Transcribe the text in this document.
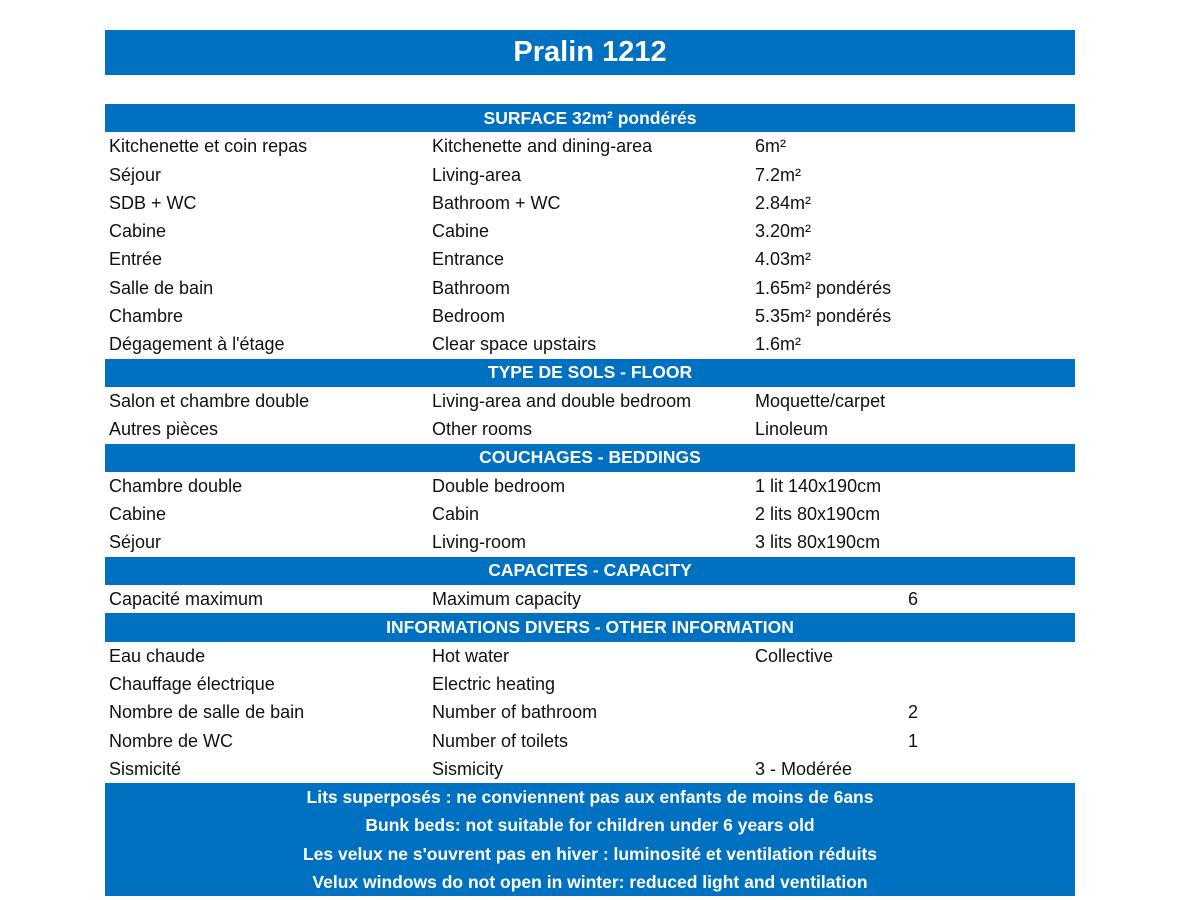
Pralin 1212
SURFACE 32m² pondérés
Kitchenette et coin repas	Kitchenette and dining-area	6m²
Séjour	Living-area	7.2m²
SDB + WC	Bathroom + WC	2.84m²
Cabine	Cabine	3.20m²
Entrée	Entrance	4.03m²
Salle de bain	Bathroom	1.65m² pondérés
Chambre	Bedroom	5.35m² pondérés
Dégagement à l'étage	Clear space upstairs	1.6m²
TYPE DE SOLS - FLOOR
Salon et chambre double	Living-area and double bedroom	Moquette/carpet
Autres pièces	Other rooms	Linoleum
COUCHAGES - BEDDINGS
Chambre double	Double bedroom	1 lit 140x190cm
Cabine	Cabin	2 lits 80x190cm
Séjour	Living-room	3 lits 80x190cm
CAPACITES - CAPACITY
Capacité maximum	Maximum capacity	6
INFORMATIONS DIVERS - OTHER INFORMATION
Eau chaude	Hot water	Collective
Chauffage électrique	Electric heating
Nombre de salle de bain	Number of bathroom	2
Nombre de WC	Number of toilets	1
Sismicité	Sismicity	3 - Modérée
Lits superposés : ne conviennent pas aux enfants de moins de 6ans
Bunk beds: not suitable for children under 6 years old
Les velux ne s'ouvrent pas en hiver : luminosité et ventilation réduits
Velux windows do not open in winter: reduced light and ventilation
